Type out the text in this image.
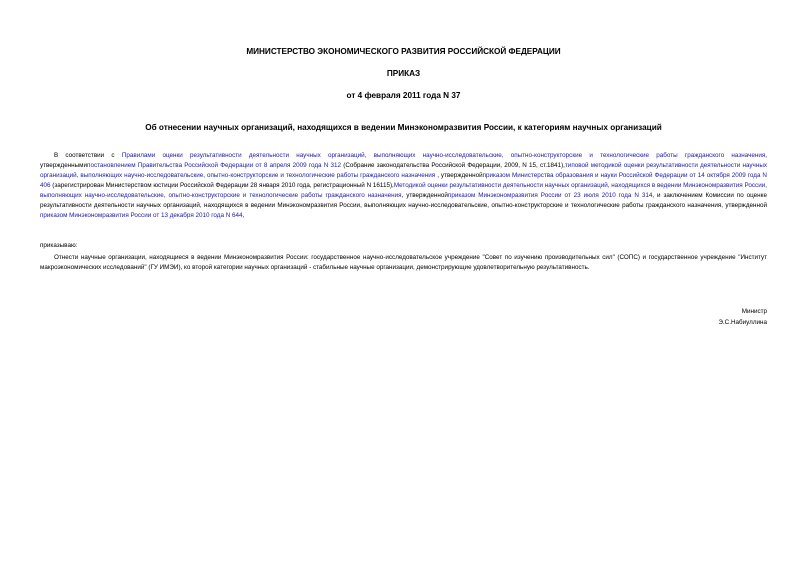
МИНИСТЕРСТВО ЭКОНОМИЧЕСКОГО РАЗВИТИЯ РОССИЙСКОЙ ФЕДЕРАЦИИ

ПРИКАЗ

от 4 февраля 2011 года N 37

Об отнесении научных организаций, находящихся в ведении Минэкономразвития России, к категориям научных организаций

В соответствии с Правилами оценки результативности деятельности научных организаций, выполняющих научно-исследовательские, опытно-конструкторские и технологические работы гражданского назначения, утвержденнымипостановлением Правительства Российской Федерации от 8 апреля 2009 года N 312 (Собрание законодательства Российской Федерации, 2009, N 15, ст.1841),типовой методикой оценки результативности деятельности научных организаций, выполняющих научно-исследовательские, опытно-конструкторские и технологические работы гражданского назначения , утвержденнойприказом Министерства образования и науки Российской Федерации от 14 октября 2009 года N 406 (зарегистрирован Министерством юстиции Российской Федерации 28 января 2010 года, регистрационный N 16115),Методикой оценки результативности деятельности научных организаций, находящихся в ведении Минэкономразвития России, выполняющих научно-исследовательские, опытно-конструкторские и технологические работы гражданского назначения, утвержденнойприказом Минэкономразвития России от 23 июля 2010 года N 314, и заключением Комиссии по оценке результативности деятельности научных организаций, находящихся в ведении Минэкономразвития России, выполняющих научно-исследовательские, опытно-конструкторские и технологические работы гражданского назначения, утвержденной приказом Минэкономразвития России от 13 декабря 2010 года N 644,

приказываю:

Отнести научные организации, находящиеся в ведении Минэкономразвития России: государственное научно-исследовательское учреждение "Совет по изучению производительных сил" (СОПС) и государственное учреждение "Институт макроэкономических исследований" (ГУ ИМЭИ), ко второй категории научных организаций - стабильные научные организации, демонстрирующие удовлетворительную результативность.

Министр
Э.С.Набиуллина
